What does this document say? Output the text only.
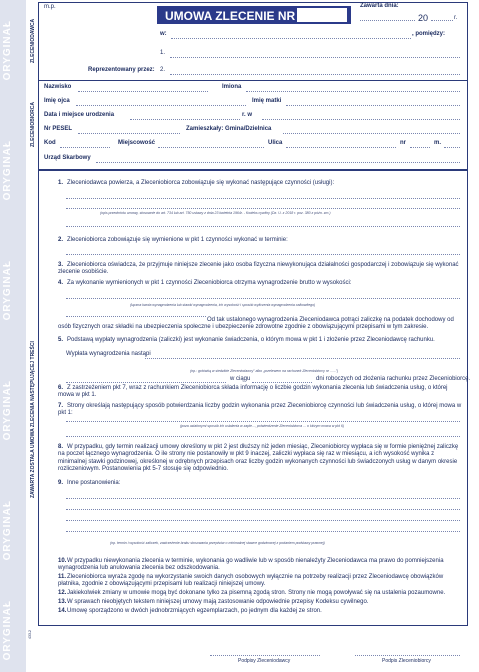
ORYGINAŁ
ORYGINAŁ
ORYGINAŁ
ORYGINAŁ
ORYGINAŁ
ORYGINAŁ	433-2
ZLECENIODAWCA
m.p.
UMOWA ZLECENIE NR
Zawarta dnia:
20	r.
w:	, pomiędzy:
1.
Reprezentowany przez: 2.
ZLECENIOBIORCA
Nazwisko	Imiona
Imię ojca	Imię matki
Data i miejsce urodzenia	r. w
Nr PESEL	Zamieszkały: Gmina/Dzielnica
Kod	Miejscowość	Ulica	nr	m.
Urząd Skarbowy
ZAWARTA ZOSTAŁA UMOWA ZLECENIA NASTĘPUJĄCEJ TREŚCI
1. Zleceniodawca powierza, a Zleceniobiorca zobowiązuje się wykonać następujące czynności (usługi):
(opis przedmiotu umowy, stosownie do art. 734 lub art. 750 ustawy z dnia 23 kwietnia 1964r. - Kodeks cywilny (Dz. U. z 2018 r. poz. 380 z późn. zm.)
2. Zleceniobiorca zobowiązuje się wymienione w pkt 1 czynności wykonać w terminie:
3. Zleceniobiorca oświadcza, że przyjmuje niniejsze zlecenie jako osoba fizyczna niewykonująca działalności gospodarczej i zobowiązuje się wykonać zlecenie osobiście.
4. Za wykonanie wymienionych w pkt 1 czynności Zleceniobiorca otrzyma wynagrodzenie brutto w wysokości:
(łączna kwota wynagrodzenia lub stawki wynagrodzenia, ich wysokość i sposób wyliczenia wynagrodzenia całkowitego)
Od tak ustalonego wynagrodzenia Zleceniodawca potrąci zaliczkę na podatek dochodowy od osób fizycznych oraz składki na ubezpieczenia społeczne i ubezpieczenie zdrowotne zgodnie z obowiązującymi przepisami w tym zakresie.
5. Podstawą wypłaty wynagrodzenia (zaliczki) jest wykonanie świadczenia, o którym mowa w pkt 1 i złożenie przez Zleceniodawcę rachunku.
Wypłata wynagrodzenia nastąpi
(np.: gotówką w siedzibie Zleceniodawcy" albo „przelewem na rachunek Zleceniobiorcy nr ......")
w ciągu	dni roboczych od złożenia rachunku przez Zleceniobiorcę.
6. Z zastrzeżeniem pkt 7, wraz z rachunkiem Zleceniobiorca składa informację o liczbie godzin wykonania zlecenia lub świadczenia usług, o której mowa w pkt 1.
7. Strony określają następujący sposób potwierdzania liczby godzin wykonania przez Zleceniobiorcę czynności lub świadczenia usług, o której mowa w pkt 1:
(poza ustalonymi sposób ich ustalenia w zaple..., potwierdzenie Zleceniobiorca ... o którym mowa w pkt 6)
8. W przypadku, gdy termin realizacji umowy określony w pkt 2 jest dłuższy niż jeden miesiąc, Zleceniobiorcy wypłaca się w formie pieniężnej zaliczkę na poczet łącznego wynagrodzenia. O ile strony nie postanowiły w pkt 9 inaczej, zaliczki wypłaca się raz w miesiącu, a ich wysokość wynika z minimalnej stawki godzinowej, określonej w odrębnych przepisach oraz liczby godzin wykonanych czynności lub świadczonych usług w danym okresie rozliczeniowym. Postanowienia pkt 5-7 stosuje się odpowiednio.
9. Inne postanowienia:
(np. termin i wysokość zaliczek, zastrzeżenie braku stosowania przepisów o minimalnej stawce godzinowej z podaniem podstawy prawnej)
10.W przypadku niewykonania zlecenia w terminie, wykonania go wadliwie lub w sposób nienależyty Zleceniodawca ma prawo do pomniejszenia wynagrodzenia lub anulowania zlecenia bez odszkodowania.
11.Zleceniobiorca wyraża zgodę na wykorzystanie swoich danych osobowych wyłącznie na potrzeby realizacji przez Zleceniodawcę obowiązków płatnika, zgodnie z obowiązującymi przepisami lub realizacji niniejszej umowy.
12.Jakiekolwiek zmiany w umowie mogą być dokonane tylko za pisemną zgodą stron. Strony nie mogą powoływać się na ustalenia pozaumowne.
13.W sprawach nieobjętych tekstem niniejszej umowy mają zastosowanie odpowiednie przepisy Kodeksu cywilnego.
14.Umowę sporządzono w dwóch jednobrzmiących egzemplarzach, po jednym dla każdej ze stron.
Podpisy Zleceniodawcy	Podpis Zleceniobiorcy
